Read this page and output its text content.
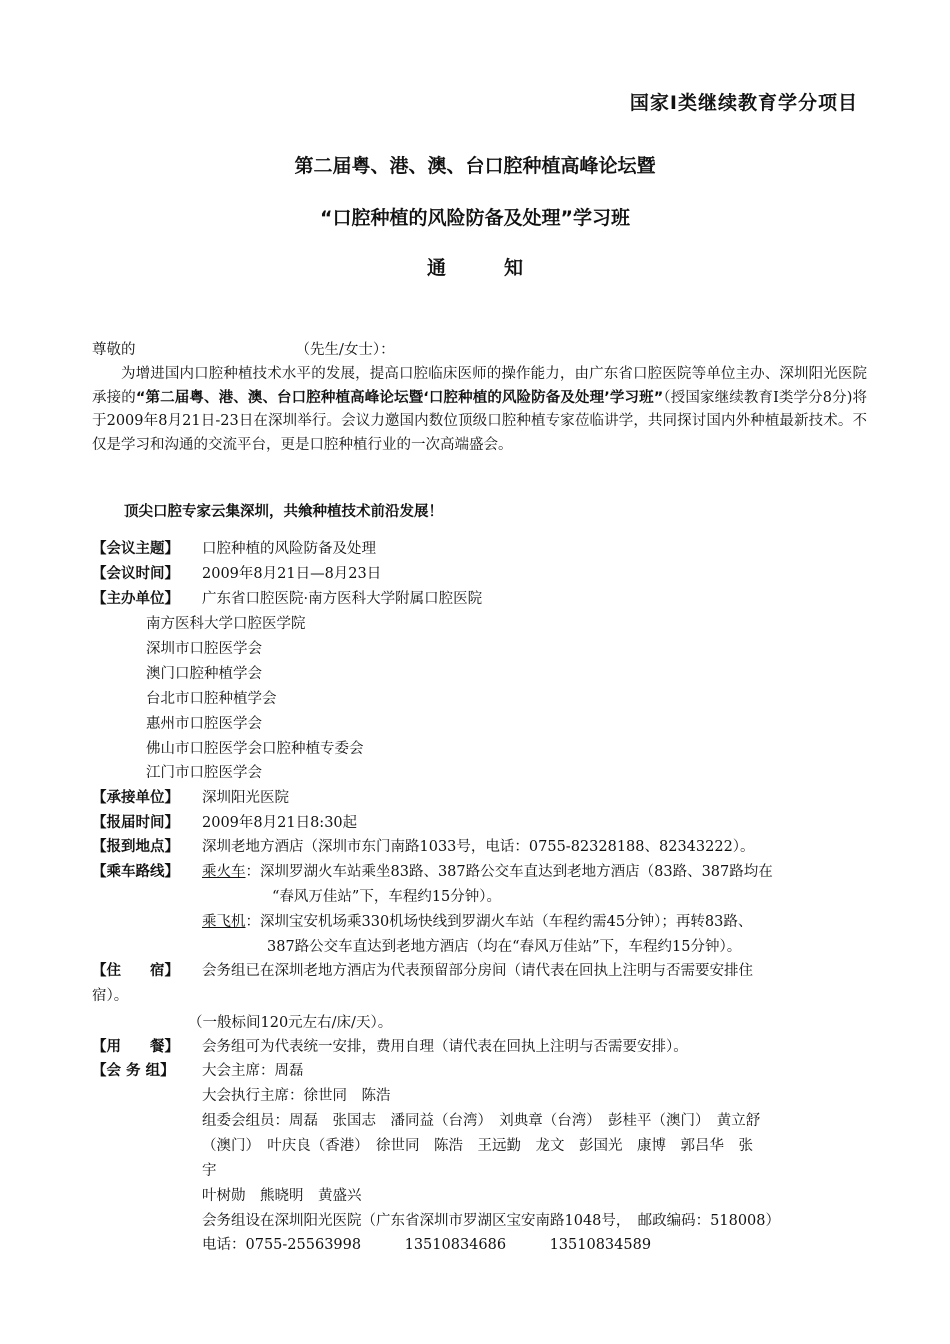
国家Ⅰ类继续教育学分项目
第二届粤、港、澳、台口腔种植高峰论坛暨
“口腔种植的风险防备及处理”学习班
通知
尊敬的	（先生/女士）：
为增进国内口腔种植技术水平的发展，提高口腔临床医师的操作能力，由广东省口腔医院等单位主办、深圳阳光医院承接的“第二届粤、港、澳、台口腔种植高峰论坛暨‘口腔种植的风险防备及处理’学习班”（授国家继续教育Ⅰ类学分8分)将于2009年8月21日-23日在深圳举行。会议力邀国内数位顶级口腔种植专家莅临讲学，共同探讨国内外种植最新技术。不仅是学习和沟通的交流平台，更是口腔种植行业的一次高端盛会。
顶尖口腔专家云集深圳，共飨种植技术前沿发展！
【会议主题】 口腔种植的风险防备及处理
【会议时间】 2009年8月21日—8月23日
【主办单位】 广东省口腔医院·南方医科大学附属口腔医院
南方医科大学口腔医学院
深圳市口腔医学会
澳门口腔种植学会
台北市口腔种植学会
惠州市口腔医学会
佛山市口腔医学会口腔种植专委会
江门市口腔医学会
【承接单位】 深圳阳光医院
【报届时间】 2009年8月21日8:30起
【报到地点】 深圳老地方酒店（深圳市东门南路1033号，电话：0755-82328188、82343222）。
【乘车路线】 乘火车：深圳罗湖火车站乘坐83路、387路公交车直达到老地方酒店（83路、387路均在
“春风万佳站”下，车程约15分钟）。
乘飞机：深圳宝安机场乘330机场快线到罗湖火车站（车程约需45分钟）；再转83路、
387路公交车直达到老地方酒店（均在“春风万佳站”下，车程约15分钟）。
【住　　宿】 会务组已在深圳老地方酒店为代表预留部分房间（请代表在回执上注明与否需要安排住
宿）。
（一般标间120元左右/床/天）。
【用　　餐】 会务组可为代表统一安排，费用自理（请代表在回执上注明与否需要安排）。
【会 务 组】 大会主席：周磊
大会执行主席：徐世同　陈浩
组委会组员：周磊　张国志　潘同益（台湾）　刘典章（台湾）　彭桂平（澳门）　黄立舒
（澳门）　叶庆良（香港）　徐世同　陈浩　王远勤　龙文　彭国光　康博　郭吕华　张
宇
叶树勋　熊晓明　黄盛兴
会务组设在深圳阳光医院（广东省深圳市罗湖区宝安南路1048号，　邮政编码：518008）
电话：0755-25563998　　　13510834686　　　13510834589
